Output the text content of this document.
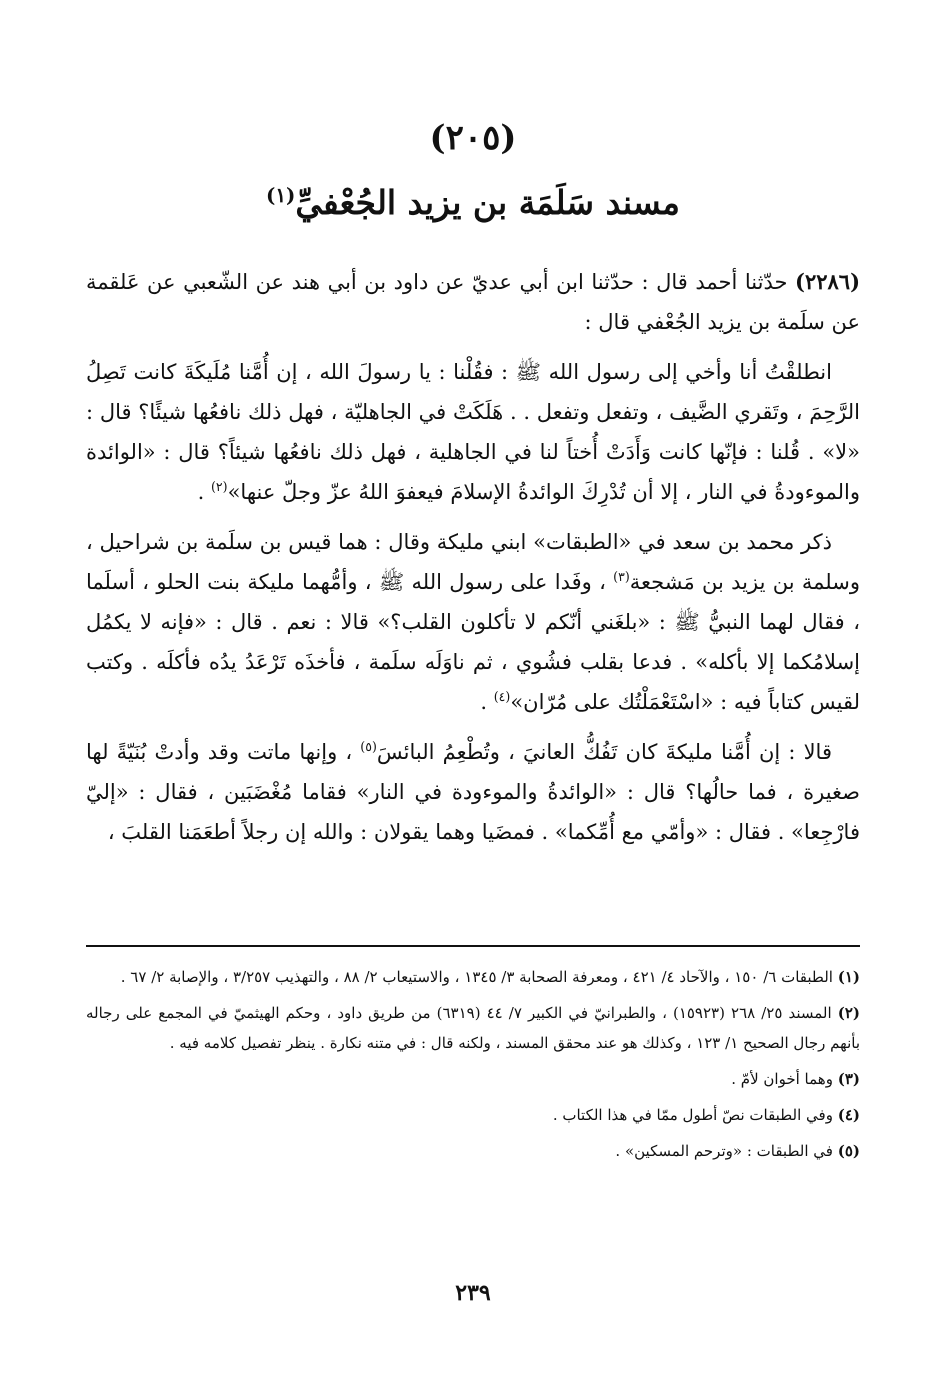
(٢٠٥)
مسند سَلَمَة بن يزيد الجُعْفيِّ$^{(١)}$

(٢٢٨٦) حدّثنا أحمد قال : حدّثنا ابن أبي عديّ عن داود بن أبي هند عن الشّعبي عن عَلقمة عن سلَمة بن يزيد الجُعْفي قال :

انطلقْتُ أنا وأخي إلى رسول الله ﷺ : فقُلْنا : يا رسولَ الله ، إن أُمَّنا مُلَيكَةَ كانت تَصِلُ الرَّحِمَ ، وتَقري الضَّيف ، وتفعل وتفعل . . هَلَكَتْ في الجاهليّة ، فهل ذلك نافعُها شيئًا؟ قال : «لا» . قُلنا : فإنّها كانت وَأَدَتْ أُختاً لنا في الجاهلية ، فهل ذلك نافعُها شيئاً؟ قال : «الوائدة والموءودةُ في النار ، إلا أن تُدْرِكَ الوائدةُ الإسلامَ فيعفوَ اللهُ عزّ وجلّ عنها»$^{(٢)}$ .

ذكر محمد بن سعد في «الطبقات» ابني مليكة وقال : هما قيس بن سلَمة بن شراحيل ، وسلمة بن يزيد بن مَشجعة$^{(٣)}$ ، وفَدا على رسول الله ﷺ ، وأمُّهما مليكة بنت الحلو ، أسلَما ، فقال لهما النبيُّ ﷺ : «بلغَني أنّكم لا تأكلون القلب؟» قالا : نعم . قال : «فإنه لا يكمُل إسلامُكما إلا بأكله» . فدعا بقلب فشُوي ، ثم ناوَلَه سلَمة ، فأخذَه تَرْعَدُ يدُه فأكلَه . وكتب لقيس كتاباً فيه : «اسْتَعْمَلْتُك على مُرّان»$^{(٤)}$ .

قالا : إن أُمَّنا مليكةَ كان تَفُكُّ العانيَ ، وتُطْعِمُ البائسَ$^{(٥)}$ ، وإنها ماتت وقد وأدتْ بُنَيّةً لها صغيرة ، فما حالُها؟ قال : «الوائدةُ والموءودة في النار» فقاما مُغْضَبَين ، فقال : «إليّ فارْجِعا» . فقال : «وأمّي مع أُمِّكما» . فمضَيا وهما يقولان : والله إن رجلاً أطعَمَنا القلبَ ،

(١) الطبقات ٦/ ١٥٠ ، والآحاد ٤/ ٤٢١ ، ومعرفة الصحابة ٣/ ١٣٤٥ ، والاستيعاب ٢/ ٨٨ ، والتهذيب ٣/٢٥٧ ، والإصابة ٢/ ٦٧ .
(٢) المسند ٢٥/ ٢٦٨ (١٥٩٢٣) ، والطبرانيّ في الكبير ٧/ ٤٤ (٦٣١٩) من طريق داود ، وحكم الهيثميّ في المجمع على رجاله بأنهم رجال الصحيح ١/ ١٢٣ ، وكذلك هو عند محقق المسند ، ولكنه قال : في متنه نكارة . ينظر تفصيل كلامه فيه .
(٣) وهما أخوان لأمّ .
(٤) وفي الطبقات نصّ أطول ممّا في هذا الكتاب .
(٥) في الطبقات : «وترحم المسكين» .
٢٣٩
